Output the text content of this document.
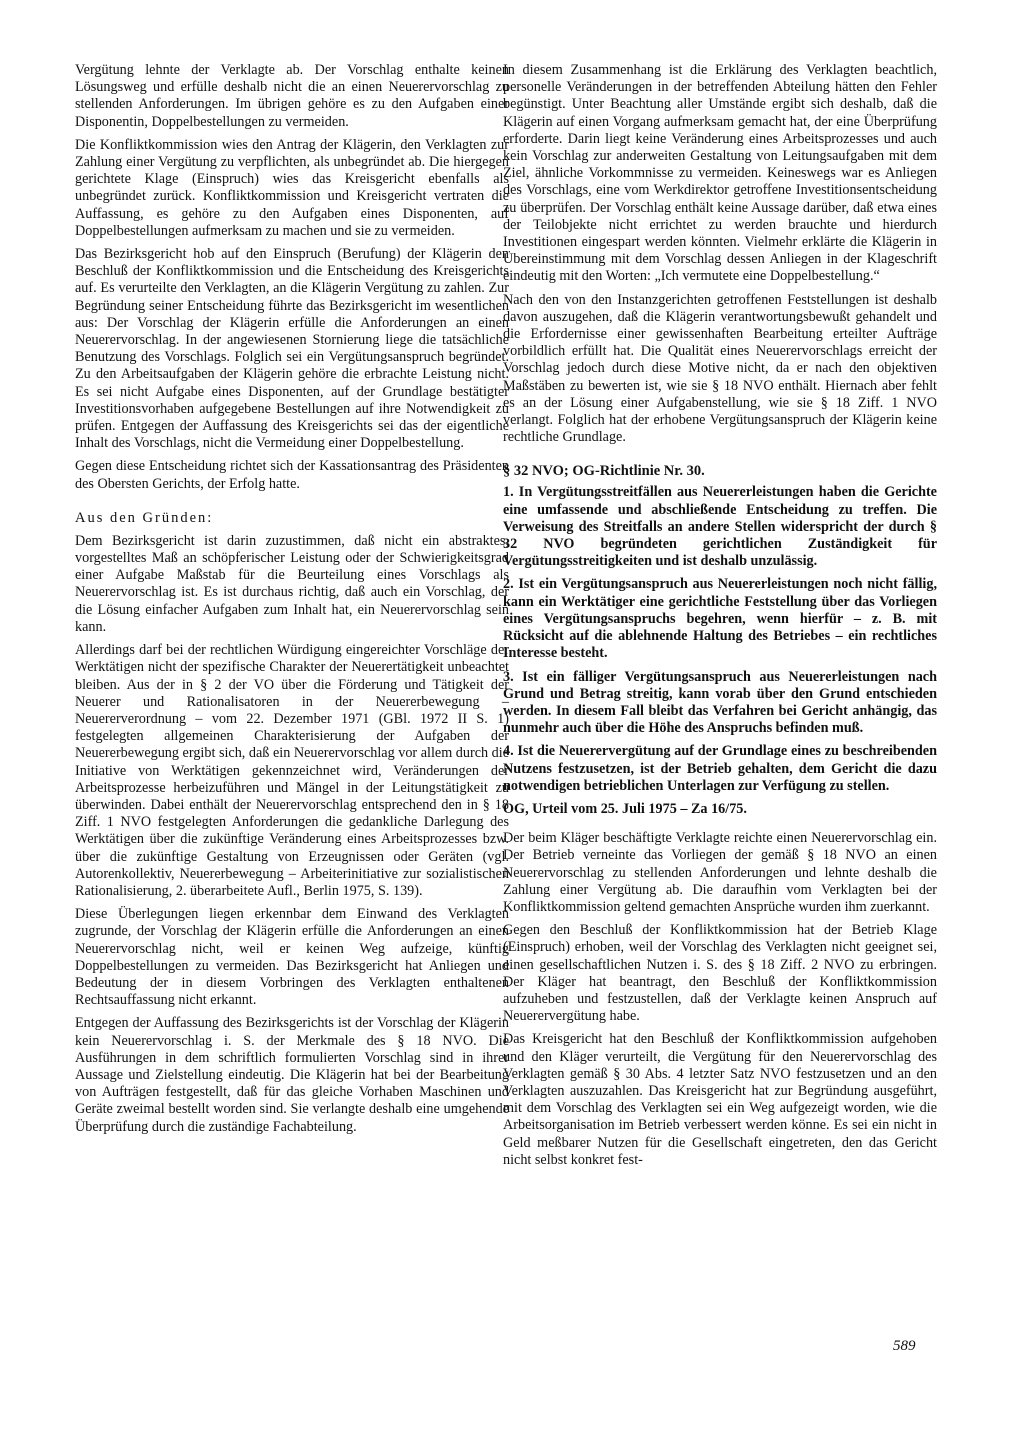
Vergütung lehnte der Verklagte ab. Der Vorschlag enthalte keinen Lösungsweg und erfülle deshalb nicht die an einen Neuerervorschlag zu stellenden Anforderungen. Im übrigen gehöre es zu den Aufgaben einer Disponentin, Doppelbestellungen zu vermeiden.

Die Konfliktkommission wies den Antrag der Klägerin, den Verklagten zur Zahlung einer Vergütung zu verpflichten, als unbegründet ab. Die hiergegen gerichtete Klage (Einspruch) wies das Kreisgericht ebenfalls als unbegründet zurück. Konfliktkommission und Kreisgericht vertraten die Auffassung, es gehöre zu den Aufgaben eines Disponenten, auf Doppelbestellungen aufmerksam zu machen und sie zu vermeiden.

Das Bezirksgericht hob auf den Einspruch (Berufung) der Klägerin den Beschluß der Konfliktkommission und die Entscheidung des Kreisgerichts auf. Es verurteilte den Verklagten, an die Klägerin Vergütung zu zahlen. Zur Begründung seiner Entscheidung führte das Bezirksgericht im wesentlichen aus: Der Vorschlag der Klägerin erfülle die Anforderungen an einen Neuerervorschlag. In der angewiesenen Stornierung liege die tatsächliche Benutzung des Vorschlags. Folglich sei ein Vergütungsanspruch begründet. Zu den Arbeitsaufgaben der Klägerin gehöre die erbrachte Leistung nicht. Es sei nicht Aufgabe eines Disponenten, auf der Grundlage bestätigter Investitionsvorhaben aufgegebene Bestellungen auf ihre Notwendigkeit zu prüfen. Entgegen der Auffassung des Kreisgerichts sei das der eigentliche Inhalt des Vorschlags, nicht die Vermeidung einer Doppelbestellung.

Gegen diese Entscheidung richtet sich der Kassationsantrag des Präsidenten des Obersten Gerichts, der Erfolg hatte.

Aus den Gründen:

Dem Bezirksgericht ist darin zuzustimmen, daß nicht ein abstraktes, vorgestelltes Maß an schöpferischer Leistung oder der Schwierigkeitsgrad einer Aufgabe Maßstab für die Beurteilung eines Vorschlags als Neuerervorschlag ist. Es ist durchaus richtig, daß auch ein Vorschlag, der die Lösung einfacher Aufgaben zum Inhalt hat, ein Neuerervorschlag sein kann.

Allerdings darf bei der rechtlichen Würdigung eingereichter Vorschläge der Werktätigen nicht der spezifische Charakter der Neuerertätigkeit unbeachtet bleiben. Aus der in § 2 der VO über die Förderung und Tätigkeit der Neuerer und Rationalisatoren in der Neuererbewegung – Neuererverordnung – vom 22. Dezember 1971 (GBl. 1972 II S. 1) festgelegten allgemeinen Charakterisierung der Aufgaben der Neuererbewegung ergibt sich, daß ein Neuerervorschlag vor allem durch die Initiative von Werktätigen gekennzeichnet wird, Veränderungen der Arbeitsprozesse herbeizuführen und Mängel in der Leitungstätigkeit zu überwinden. Dabei enthält der Neuerervorschlag entsprechend den in § 18 Ziff. 1 NVO festgelegten Anforderungen die gedankliche Darlegung des Werktätigen über die zukünftige Veränderung eines Arbeitsprozesses bzw. über die zukünftige Gestaltung von Erzeugnissen oder Geräten (vgl. Autorenkollektiv, Neuererbewegung – Arbeiterinitiative zur sozialistischen Rationalisierung, 2. überarbeitete Aufl., Berlin 1975, S. 139).

Diese Überlegungen liegen erkennbar dem Einwand des Verklagten zugrunde, der Vorschlag der Klägerin erfülle die Anforderungen an einen Neuerervorschlag nicht, weil er keinen Weg aufzeige, künftig Doppelbestellungen zu vermeiden. Das Bezirksgericht hat Anliegen und Bedeutung der in diesem Vorbringen des Verklagten enthaltenen Rechtsauffassung nicht erkannt.

Entgegen der Auffassung des Bezirksgerichts ist der Vorschlag der Klägerin kein Neuerervorschlag i. S. der Merkmale des § 18 NVO. Die Ausführungen in dem schriftlich formulierten Vorschlag sind in ihrer Aussage und Zielstellung eindeutig. Die Klägerin hat bei der Bearbeitung von Aufträgen festgestellt, daß für das gleiche Vorhaben Maschinen und Geräte zweimal bestellt worden sind. Sie verlangte deshalb eine umgehende Überprüfung durch die zuständige Fachabteilung.

In diesem Zusammenhang ist die Erklärung des Verklagten beachtlich, personelle Veränderungen in der betreffenden Abteilung hätten den Fehler begünstigt. Unter Beachtung aller Umstände ergibt sich deshalb, daß die Klägerin auf einen Vorgang aufmerksam gemacht hat, der eine Überprüfung erforderte. Darin liegt keine Veränderung eines Arbeitsprozesses und auch kein Vorschlag zur anderweiten Gestaltung von Leitungsaufgaben mit dem Ziel, ähnliche Vorkommnisse zu vermeiden. Keineswegs war es Anliegen des Vorschlags, eine vom Werkdirektor getroffene Investitionsentscheidung zu überprüfen. Der Vorschlag enthält keine Aussage darüber, daß etwa eines der Teilobjekte nicht errichtet zu werden brauchte und hierdurch Investitionen eingespart werden könnten. Vielmehr erklärte die Klägerin in Übereinstimmung mit dem Vorschlag dessen Anliegen in der Klageschrift eindeutig mit den Worten: „Ich vermutete eine Doppelbestellung.“

Nach den von den Instanzgerichten getroffenen Feststellungen ist deshalb davon auszugehen, daß die Klägerin verantwortungsbewußt gehandelt und die Erfordernisse einer gewissenhaften Bearbeitung erteilter Aufträge vorbildlich erfüllt hat. Die Qualität eines Neuerervorschlags erreicht der Vorschlag jedoch durch diese Motive nicht, da er nach den objektiven Maßstäben zu bewerten ist, wie sie § 18 NVO enthält. Hiernach aber fehlt es an der Lösung einer Aufgabenstellung, wie sie § 18 Ziff. 1 NVO verlangt. Folglich hat der erhobene Vergütungsanspruch der Klägerin keine rechtliche Grundlage.

§ 32 NVO; OG-Richtlinie Nr. 30.

1. In Vergütungsstreitfällen aus Neuererleistungen haben die Gerichte eine umfassende und abschließende Entscheidung zu treffen. Die Verweisung des Streitfalls an andere Stellen widerspricht der durch § 32 NVO begründeten gerichtlichen Zuständigkeit für Vergütungsstreitigkeiten und ist deshalb unzulässig.

2. Ist ein Vergütungsanspruch aus Neuererleistungen noch nicht fällig, kann ein Werktätiger eine gerichtliche Feststellung über das Vorliegen eines Vergütungsanspruchs begehren, wenn hierfür – z. B. mit Rücksicht auf die ablehnende Haltung des Betriebes – ein rechtliches Interesse besteht.

3. Ist ein fälliger Vergütungsanspruch aus Neuererleistungen nach Grund und Betrag streitig, kann vorab über den Grund entschieden werden. In diesem Fall bleibt das Verfahren bei Gericht anhängig, das nunmehr auch über die Höhe des Anspruchs befinden muß.

4. Ist die Neuerervergütung auf der Grundlage eines zu beschreibenden Nutzens festzusetzen, ist der Betrieb gehalten, dem Gericht die dazu notwendigen betrieblichen Unterlagen zur Verfügung zu stellen.

OG, Urteil vom 25. Juli 1975 – Za 16/75.

Der beim Kläger beschäftigte Verklagte reichte einen Neuerervorschlag ein. Der Betrieb verneinte das Vorliegen der gemäß § 18 NVO an einen Neuerervorschlag zu stellenden Anforderungen und lehnte deshalb die Zahlung einer Vergütung ab. Die daraufhin vom Verklagten bei der Konfliktkommission geltend gemachten Ansprüche wurden ihm zuerkannt.

Gegen den Beschluß der Konfliktkommission hat der Betrieb Klage (Einspruch) erhoben, weil der Vorschlag des Verklagten nicht geeignet sei, einen gesellschaftlichen Nutzen i. S. des § 18 Ziff. 2 NVO zu erbringen. Der Kläger hat beantragt, den Beschluß der Konfliktkommission aufzuheben und festzustellen, daß der Verklagte keinen Anspruch auf Neuerervergütung habe.

Das Kreisgericht hat den Beschluß der Konfliktkommission aufgehoben und den Kläger verurteilt, die Vergütung für den Neuerervorschlag des Verklagten gemäß § 30 Abs. 4 letzter Satz NVO festzusetzen und an den Verklagten auszuzahlen. Das Kreisgericht hat zur Begründung ausgeführt, mit dem Vorschlag des Verklagten sei ein Weg aufgezeigt worden, wie die Arbeitsorganisation im Betrieb verbessert werden könne. Es sei ein nicht in Geld meßbarer Nutzen für die Gesellschaft eingetreten, den das Gericht nicht selbst konkret fest-

589
